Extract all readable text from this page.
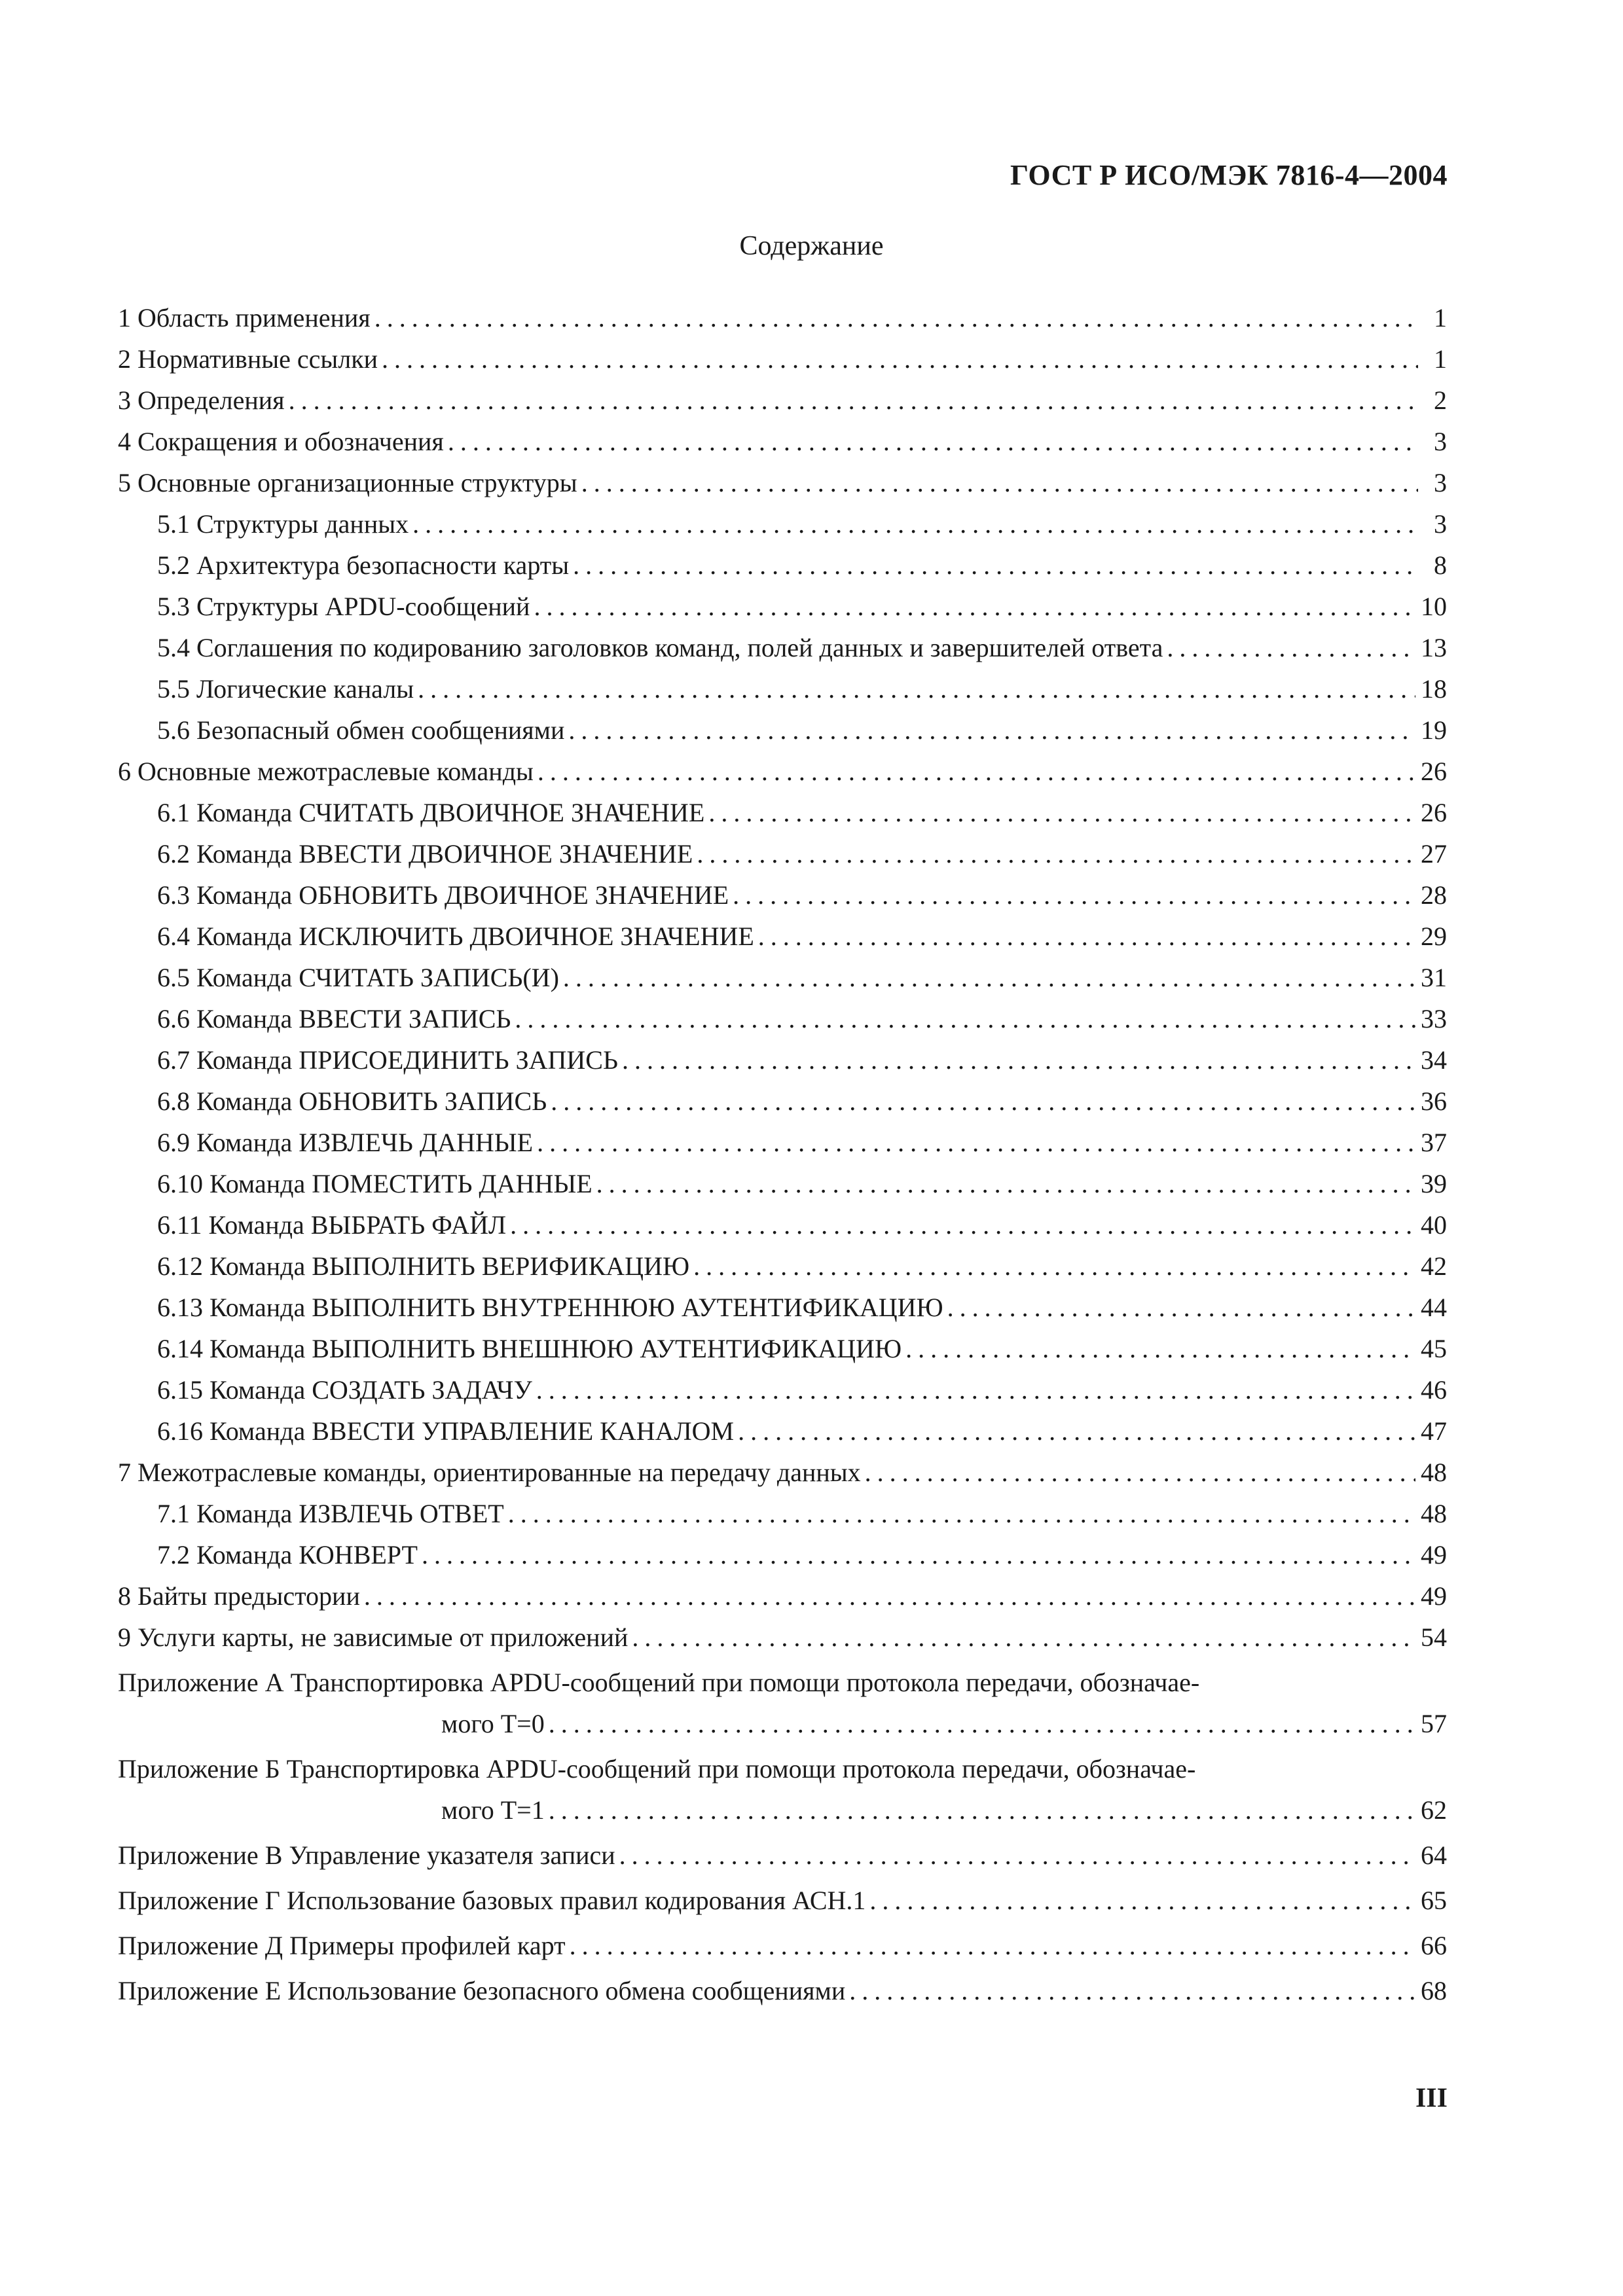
ГОСТ Р ИСО/МЭК 7816-4—2004
Содержание
1 Область применения .....	1
2 Нормативные ссылки .....	1
3 Определения .....	2
4 Сокращения и обозначения .....	3
5 Основные организационные структуры .....	3
5.1 Структуры данных .....	3
5.2 Архитектура безопасности карты .....	8
5.3 Структуры APDU-сообщений .....	10
5.4 Соглашения по кодированию заголовков команд, полей данных и завершителей ответа .....	13
5.5 Логические каналы .....	18
5.6 Безопасный обмен сообщениями .....	19
6 Основные межотраслевые команды .....	26
6.1 Команда СЧИТАТЬ ДВОИЧНОЕ ЗНАЧЕНИЕ .....	26
6.2 Команда ВВЕСТИ ДВОИЧНОЕ ЗНАЧЕНИЕ .....	27
6.3 Команда ОБНОВИТЬ ДВОИЧНОЕ ЗНАЧЕНИЕ .....	28
6.4 Команда ИСКЛЮЧИТЬ ДВОИЧНОЕ ЗНАЧЕНИЕ .....	29
6.5 Команда СЧИТАТЬ ЗАПИСЬ(И) .....	31
6.6 Команда ВВЕСТИ ЗАПИСЬ .....	33
6.7 Команда ПРИСОЕДИНИТЬ ЗАПИСЬ .....	34
6.8 Команда ОБНОВИТЬ ЗАПИСЬ .....	36
6.9 Команда ИЗВЛЕЧЬ ДАННЫЕ .....	37
6.10 Команда ПОМЕСТИТЬ ДАННЫЕ .....	39
6.11 Команда ВЫБРАТЬ ФАЙЛ .....	40
6.12 Команда ВЫПОЛНИТЬ ВЕРИФИКАЦИЮ .....	42
6.13 Команда ВЫПОЛНИТЬ ВНУТРЕННЮЮ АУТЕНТИФИКАЦИЮ .....	44
6.14 Команда ВЫПОЛНИТЬ ВНЕШНЮЮ АУТЕНТИФИКАЦИЮ .....	45
6.15 Команда СОЗДАТЬ ЗАДАЧУ .....	46
6.16 Команда ВВЕСТИ УПРАВЛЕНИЕ КАНАЛОМ .....	47
7 Межотраслевые команды, ориентированные на передачу данных .....	48
7.1 Команда ИЗВЛЕЧЬ ОТВЕТ .....	48
7.2 Команда КОНВЕРТ .....	49
8 Байты предыстории .....	49
9 Услуги карты, не зависимые от приложений .....	54
Приложение А Транспортировка APDU-сообщений при помощи протокола передачи, обозначае-
мого Т=0 .....	57
Приложение Б Транспортировка APDU-сообщений при помощи протокола передачи, обозначае-
мого Т=1 .....	62
Приложение В Управление указателя записи .....	64
Приложение Г Использование базовых правил кодирования АСН.1 .....	65
Приложение Д Примеры профилей карт .....	66
Приложение Е Использование безопасного обмена сообщениями .....	68
III
